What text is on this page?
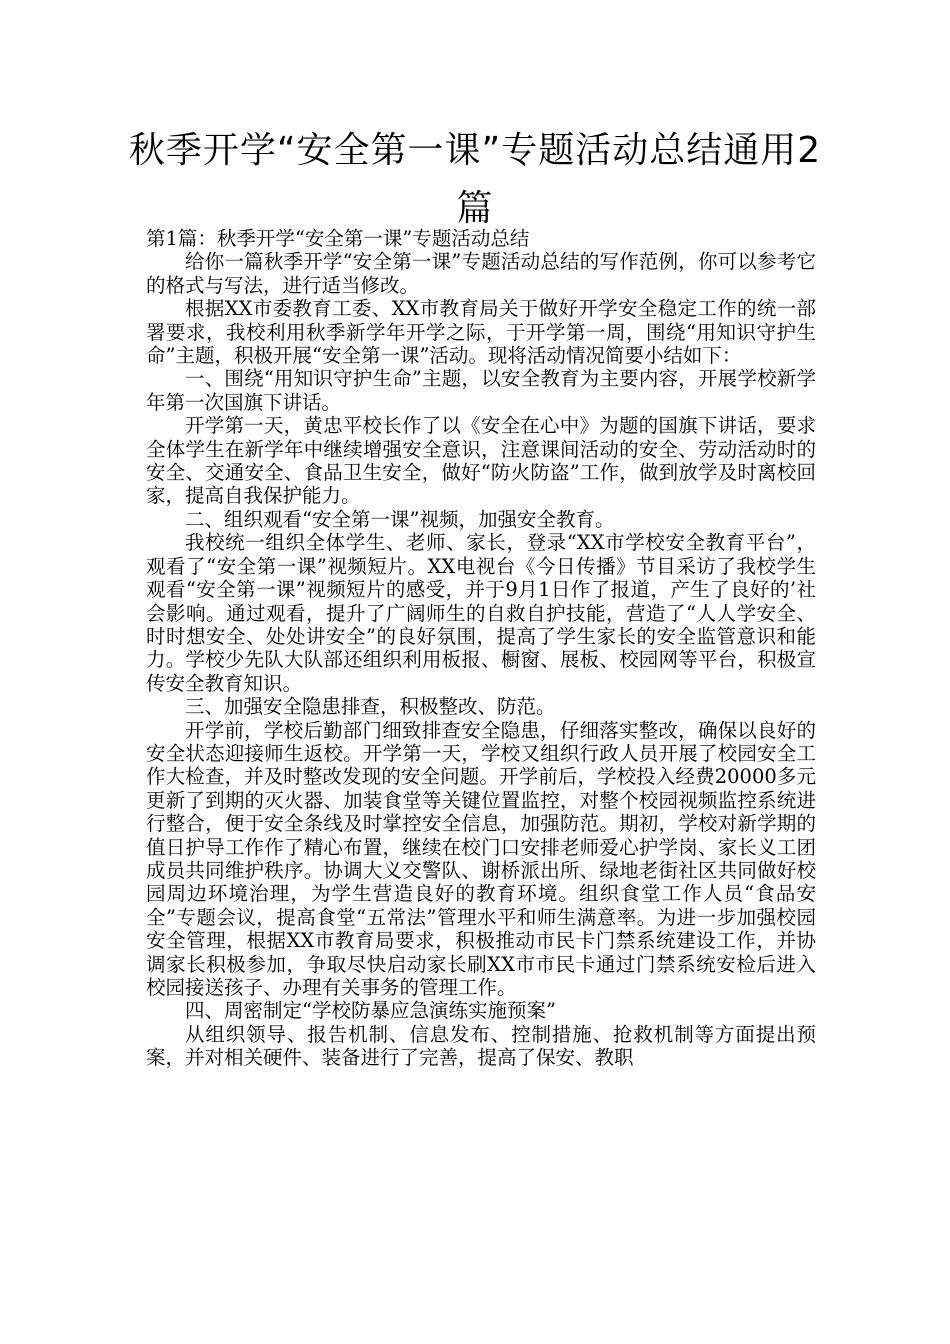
秋季开学“安全第一课”专题活动总结通用2篇

第1篇：秋季开学“安全第一课”专题活动总结

给你一篇秋季开学“安全第一课”专题活动总结的写作范例，你可以参考它的格式与写法，进行适当修改。

根据XX市委教育工委、XX市教育局关于做好开学安全稳定工作的统一部署要求，我校利用秋季新学年开学之际，于开学第一周，围绕“用知识守护生命”主题，积极开展“安全第一课”活动。现将活动情况简要小结如下：

一、围绕“用知识守护生命”主题，以安全教育为主要内容，开展学校新学年第一次国旗下讲话。

开学第一天，黄忠平校长作了以《安全在心中》为题的国旗下讲话，要求全体学生在新学年中继续增强安全意识，注意课间活动的安全、劳动活动时的安全、交通安全、食品卫生安全，做好“防火防盗”工作，做到放学及时离校回家，提高自我保护能力。

二、组织观看“安全第一课”视频，加强安全教育。

我校统一组织全体学生、老师、家长，登录“XX市学校安全教育平台”，观看了“安全第一课”视频短片。XX电视台《今日传播》节目采访了我校学生观看“安全第一课”视频短片的感受，并于9月1日作了报道，产生了良好的’社会影响。通过观看，提升了广阔师生的自救自护技能，营造了“人人学安全、时时想安全、处处讲安全”的良好氛围，提高了学生家长的安全监管意识和能力。学校少先队大队部还组织利用板报、橱窗、展板、校园网等平台，积极宣传安全教育知识。

三、加强安全隐患排查，积极整改、防范。

开学前，学校后勤部门细致排查安全隐患，仔细落实整改，确保以良好的安全状态迎接师生返校。开学第一天，学校又组织行政人员开展了校园安全工作大检查，并及时整改发现的安全问题。开学前后，学校投入经费20000多元更新了到期的灭火器、加装食堂等关键位置监控，对整个校园视频监控系统进行整合，便于安全条线及时掌控安全信息，加强防范。期初，学校对新学期的值日护导工作作了精心布置，继续在校门口安排老师爱心护学岗、家长义工团成员共同维护秩序。协调大义交警队、谢桥派出所、绿地老街社区共同做好校园周边环境治理，为学生营造良好的教育环境。组织食堂工作人员“食品安全”专题会议，提高食堂“五常法”管理水平和师生满意率。为进一步加强校园安全管理，根据XX市教育局要求，积极推动市民卡门禁系统建设工作，并协调家长积极参加，争取尽快启动家长刷XX市市民卡通过门禁系统安检后进入校园接送孩子、办理有关事务的管理工作。

四、周密制定“学校防暴应急演练实施预案”

从组织领导、报告机制、信息发布、控制措施、抢救机制等方面提出预案，并对相关硬件、装备进行了完善，提高了保安、教职
